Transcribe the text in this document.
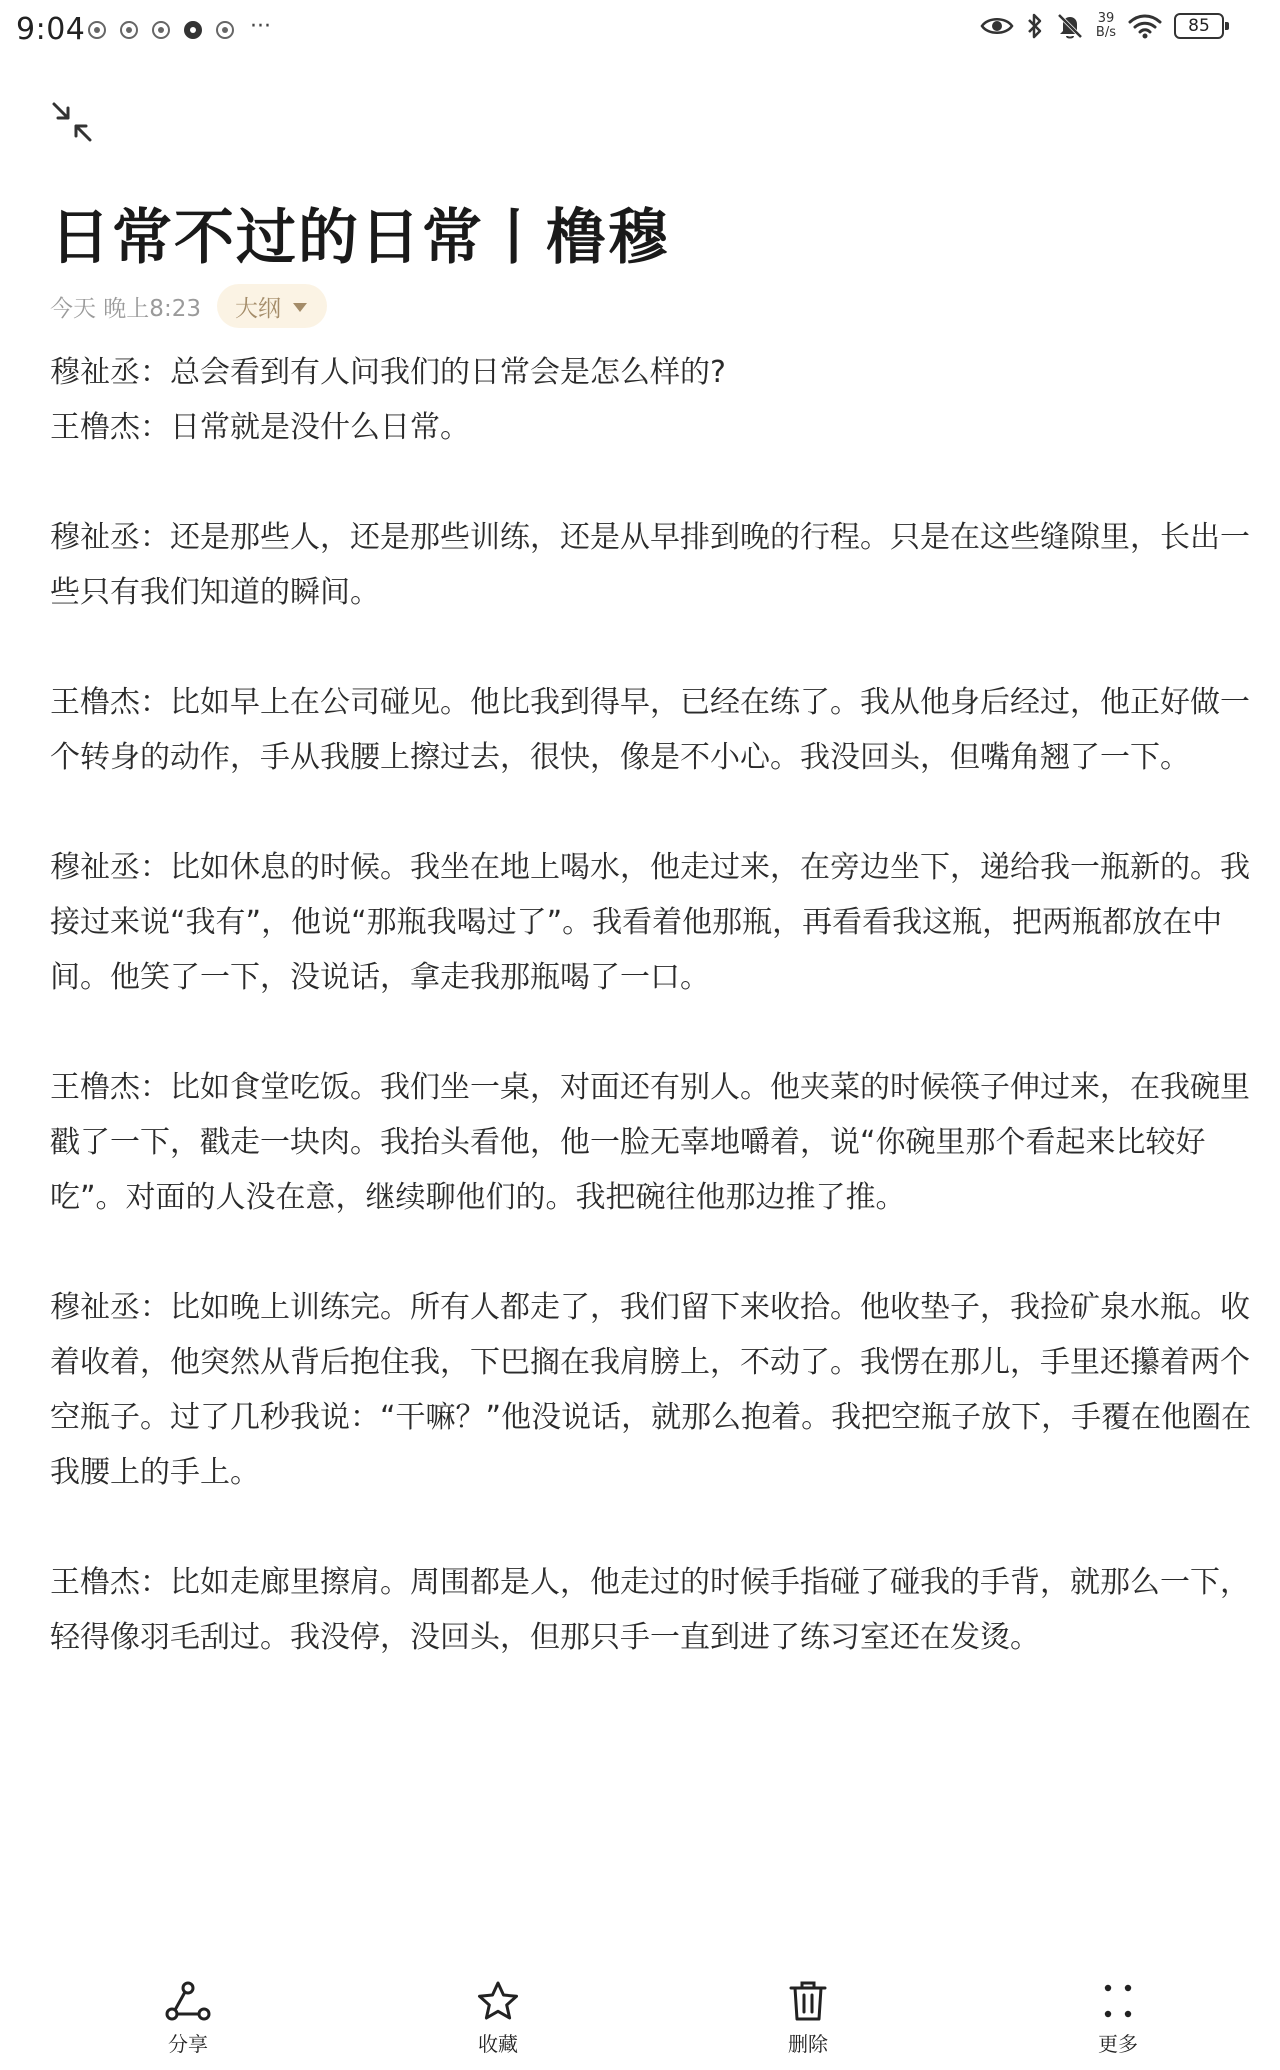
9:04	···	39
B/s	85
日常不过的日常丨橹穆
今天 晚上8:23 大纲

穆祉丞：总会看到有人问我们的日常会是怎么样的?

王橹杰：日常就是没什么日常。

穆祉丞：还是那些人，还是那些训练，还是从早排到晚的行程。只是在这些缝隙里，长出一些只有我们知道的瞬间。

王橹杰：比如早上在公司碰见。他比我到得早，已经在练了。我从他身后经过，他正好做一个转身的动作，手从我腰上擦过去，很快，像是不小心。我没回头，但嘴角翘了一下。

穆祉丞：比如休息的时候。我坐在地上喝水，他走过来，在旁边坐下，递给我一瓶新的。我接过来说“我有”，他说“那瓶我喝过了”。我看着他那瓶，再看看我这瓶，把两瓶都放在中间。他笑了一下，没说话，拿走我那瓶喝了一口。

王橹杰：比如食堂吃饭。我们坐一桌，对面还有别人。他夹菜的时候筷子伸过来，在我碗里戳了一下，戳走一块肉。我抬头看他，他一脸无辜地嚼着，说“你碗里那个看起来比较好吃”。对面的人没在意，继续聊他们的。我把碗往他那边推了推。

穆祉丞：比如晚上训练完。所有人都走了，我们留下来收拾。他收垫子，我捡矿泉水瓶。收着收着，他突然从背后抱住我，下巴搁在我肩膀上，不动了。我愣在那儿，手里还攥着两个空瓶子。过了几秒我说：“干嘛？”他没说话，就那么抱着。我把空瓶子放下，手覆在他圈在我腰上的手上。

王橹杰：比如走廊里擦肩。周围都是人，他走过的时候手指碰了碰我的手背，就那么一下，轻得像羽毛刮过。我没停，没回头，但那只手一直到进了练习室还在发烫。

分享	收藏	删除	更多
